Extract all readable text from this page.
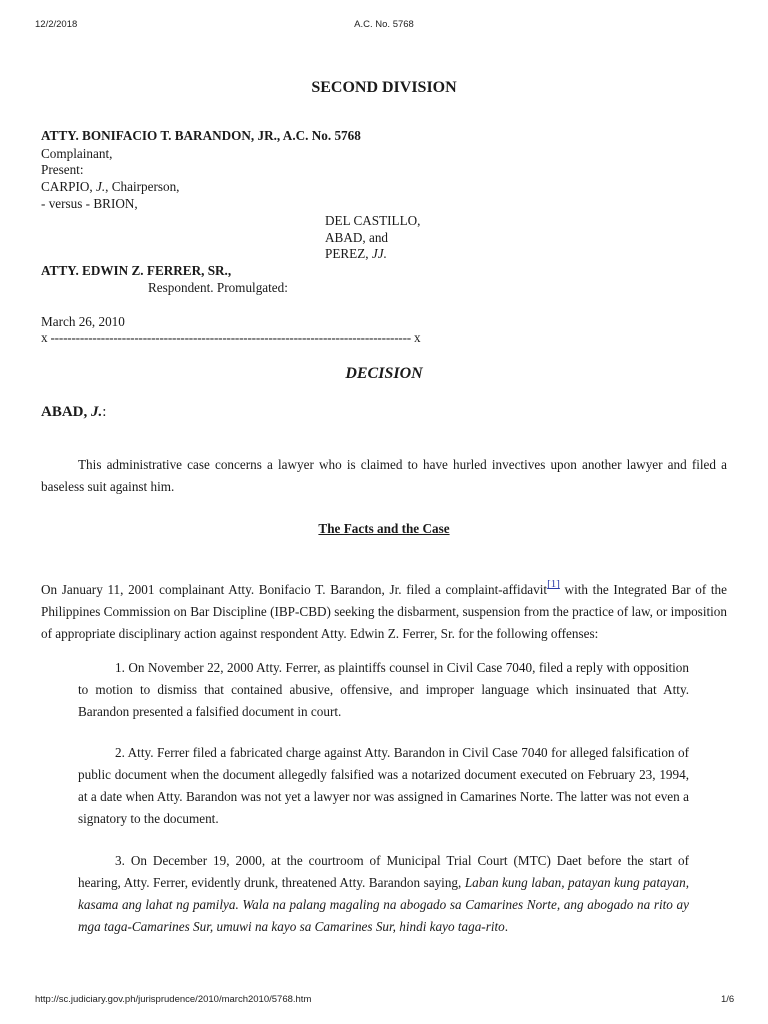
12/2/2018	A.C. No. 5768
SECOND DIVISION
ATTY. BONIFACIO T. BARANDON, JR., A.C. No. 5768
Complainant,
Present:
CARPIO, J., Chairperson,
- versus - BRION,
DEL CASTILLO,
ABAD, and
PEREZ, JJ.
ATTY. EDWIN Z. FERRER, SR.,
Respondent. Promulgated:
March 26, 2010
x -------------------------------------------------------------------------------------- x
DECISION
ABAD, J.:
This administrative case concerns a lawyer who is claimed to have hurled invectives upon another lawyer and filed a baseless suit against him.
The Facts and the Case
On January 11, 2001 complainant Atty. Bonifacio T. Barandon, Jr. filed a complaint-affidavit[1] with the Integrated Bar of the Philippines Commission on Bar Discipline (IBP-CBD) seeking the disbarment, suspension from the practice of law, or imposition of appropriate disciplinary action against respondent Atty. Edwin Z. Ferrer, Sr. for the following offenses:
1. On November 22, 2000 Atty. Ferrer, as plaintiffs counsel in Civil Case 7040, filed a reply with opposition to motion to dismiss that contained abusive, offensive, and improper language which insinuated that Atty. Barandon presented a falsified document in court.
2. Atty. Ferrer filed a fabricated charge against Atty. Barandon in Civil Case 7040 for alleged falsification of public document when the document allegedly falsified was a notarized document executed on February 23, 1994, at a date when Atty. Barandon was not yet a lawyer nor was assigned in Camarines Norte. The latter was not even a signatory to the document.
3. On December 19, 2000, at the courtroom of Municipal Trial Court (MTC) Daet before the start of hearing, Atty. Ferrer, evidently drunk, threatened Atty. Barandon saying, Laban kung laban, patayan kung patayan, kasama ang lahat ng pamilya. Wala na palang magaling na abogado sa Camarines Norte, ang abogado na rito ay mga taga-Camarines Sur, umuwi na kayo sa Camarines Sur, hindi kayo taga-rito.
http://sc.judiciary.gov.ph/jurisprudence/2010/march2010/5768.htm	1/6
